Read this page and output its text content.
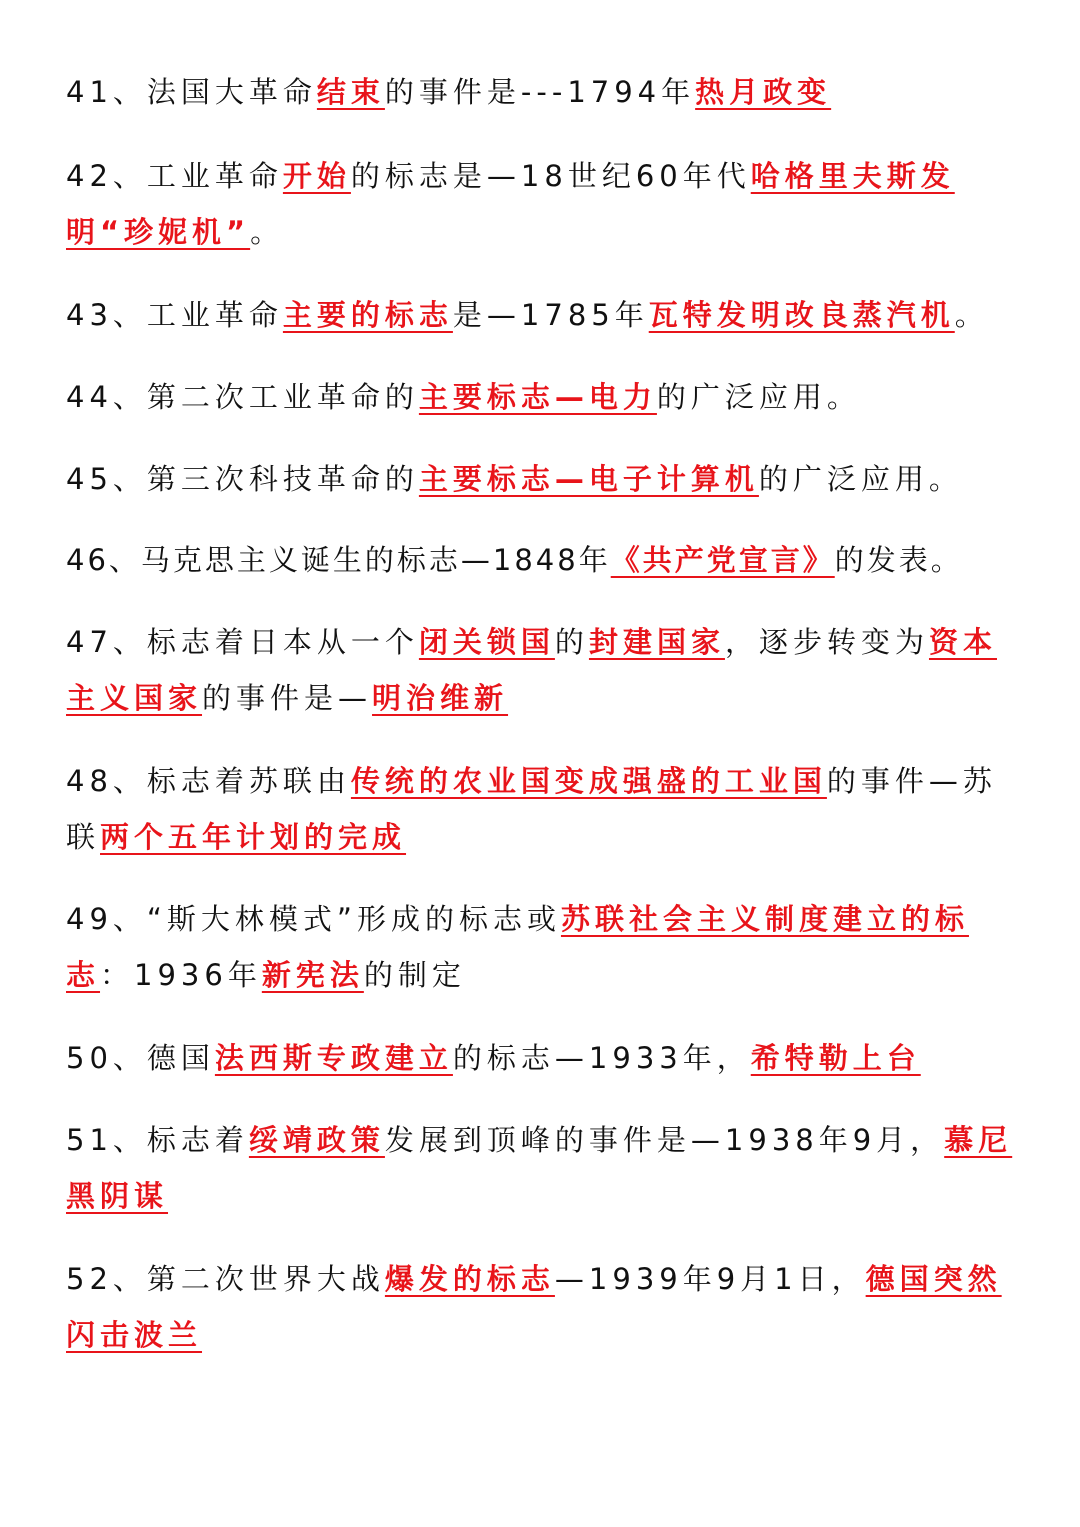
41、法国大革命结束的事件是---1794年热月政变

42、工业革命开始的标志是—18世纪60年代哈格里夫斯发明“珍妮机”。

43、工业革命主要的标志是—1785年瓦特发明改良蒸汽机。

44、第二次工业革命的主要标志—电力的广泛应用。

45、第三次科技革命的主要标志—电子计算机的广泛应用。

46、马克思主义诞生的标志—1848年《共产党宣言》的发表。

47、标志着日本从一个闭关锁国的封建国家，逐步转变为资本主义国家的事件是—明治维新

48、标志着苏联由传统的农业国变成强盛的工业国的事件—苏联两个五年计划的完成

49、“斯大林模式”形成的标志或苏联社会主义制度建立的标志：1936年新宪法的制定

50、德国法西斯专政建立的标志—1933年，希特勒上台

51、标志着绥靖政策发展到顶峰的事件是—1938年9月，慕尼黑阴谋

52、第二次世界大战爆发的标志—1939年9月1日，德国突然闪击波兰
